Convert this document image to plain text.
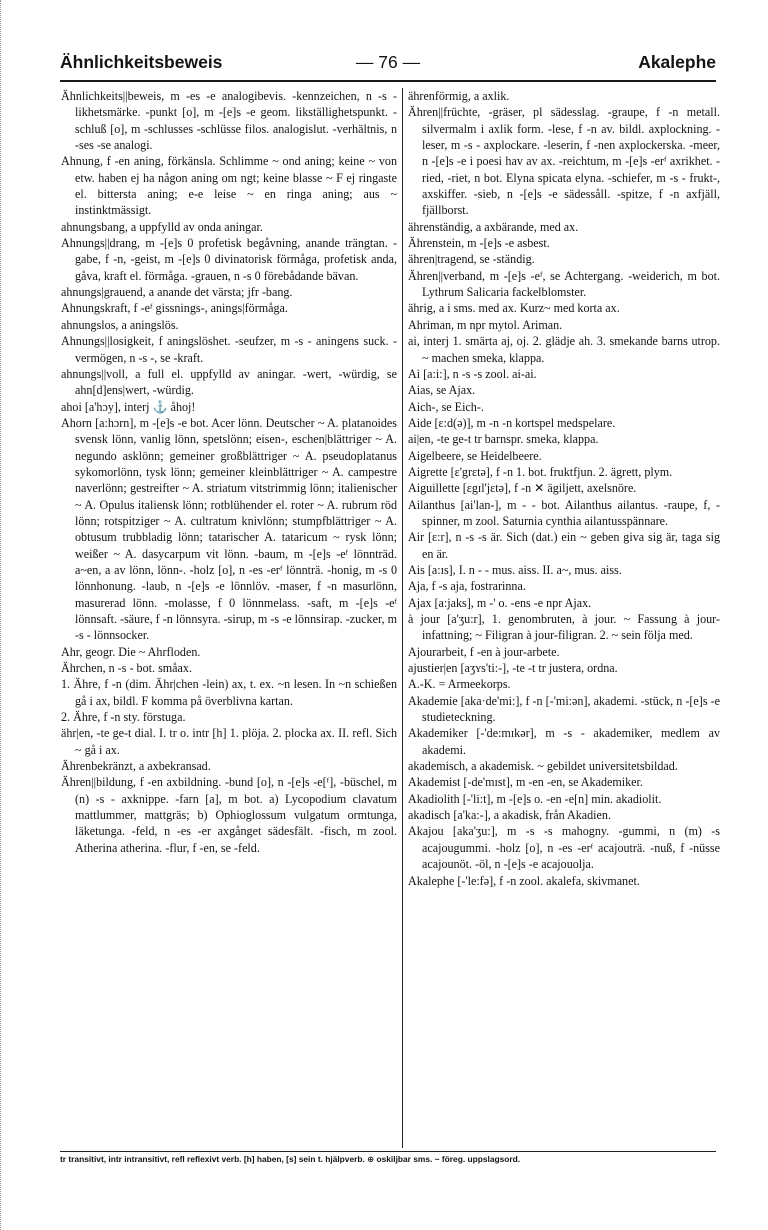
Ähnlichkeitsbeweis	— 76 —	Akalephe

Ähnlichkeits||beweis, m -es -e analogibevis. -kennzeichen, n -s - likhetsmärke. -punkt [o], m -[e]s -e geom. likställighetspunkt. -schluß [o], m -schlusses -schlüsse filos. analogislut. -verhältnis, n -ses -se analogi.

Ahnung, f -en aning, förkänsla. Schlimme ~ ond aning; keine ~ von etw. haben ej ha någon aning om ngt; keine blasse ~ F ej ringaste el. bittersta aning; e-e leise ~ en ringa aning; aus ~ instinktmässigt.

ahnungsbang, a uppfylld av onda aningar.

Ahnungs||drang, m -[e]s 0 profetisk begåvning, anande trängtan. -gabe, f -n, -geist, m -[e]s 0 divinatorisk förmåga, profetisk anda, gåva, kraft el. förmåga. -grauen, n -s 0 förebådande bävan.

ahnungs|grauend, a anande det värsta; jfr -bang.

Ahnungskraft, f -eᶠ gissnings-, anings|förmåga.

ahnungslos, a aningslös.

Ahnungs||losigkeit, f aningslöshet. -seufzer, m -s - aningens suck. -vermögen, n -s -, se -kraft.

ahnungs||voll, a full el. uppfylld av aningar. -wert, -würdig, se ahn[d]ens|wert, -würdig.

ahoi [a'hɔy], interj ⚓ åhoj!

Ahorn [a:hɔrn], m -[e]s -e bot. Acer lönn. Deutscher ~ A. platanoides svensk lönn, vanlig lönn, spetslönn; eisen-, eschen|blättriger ~ A. negundo asklönn; gemeiner großblättriger ~ A. pseudoplatanus sykomorlönn, tysk lönn; gemeiner kleinblättriger ~ A. campestre naverlönn; gestreifter ~ A. striatum vitstrimmig lönn; italienischer ~ A. Opulus italiensk lönn; rotblühender el. roter ~ A. rubrum röd lönn; rotspitziger ~ A. cultratum knivlönn; stumpfblättriger ~ A. obtusum trubbladig lönn; tatarischer A. tataricum ~ rysk lönn; weißer ~ A. dasycarpum vit lönn. -baum, m -[e]s -eᶠ lönnträd. a~en, a av lönn, lönn-. -holz [o], n -es -erᶠ lönnträ. -honig, m -s 0 lönnhonung. -laub, n -[e]s -e lönnlöv. -maser, f -n masurlönn, masurerad lönn. -molasse, f 0 lönnmelass. -saft, m -[e]s -eᶠ lönnsaft. -säure, f -n lönnsyra. -sirup, m -s -e lönnsirap. -zucker, m -s - lönnsocker.

Ahr, geogr. Die ~ Ahrfloden.

Ährchen, n -s - bot. småax.

1. Ähre, f -n (dim. Ähr|chen -lein) ax, t. ex. ~n lesen. In ~n schießen gå i ax, bildl. F komma på överblivna kartan.

2. Ähre, f -n sty. förstuga.

ähr|en, -te ge-t dial. I. tr o. intr [h] 1. plöja. 2. plocka ax. II. refl. Sich ~ gå i ax.

Ährenbekränzt, a axbekransad.

Ähren||bildung, f -en axbildning. -bund [o], n -[e]s -e[ᶠ], -büschel, m (n) -s - axknippe. -farn [a], m bot. a) Lycopodium clavatum mattlummer, mattgräs; b) Ophioglossum vulgatum ormtunga, läketunga. -feld, n -es -er axgånget sädesfält. -fisch, m zool. Atherina atherina. -flur, f -en, se -feld.

ährenförmig, a axlik.

Ähren||früchte, -gräser, pl sädesslag. -graupe, f -n metall. silvermalm i axlik form. -lese, f -n av. bildl. axplockning. -leser, m -s - axplockare. -leserin, f -nen axplockerska. -meer, n -[e]s -e i poesi hav av ax. -reichtum, m -[e]s -erᶠ axrikhet. -ried, -riet, n bot. Elyna spicata elyna. -schiefer, m -s - frukt-, axskiffer. -sieb, n -[e]s -e sädessåll. -spitze, f -n axfjäll, fjällborst.

ährenständig, a axbärande, med ax.

Ährenstein, m -[e]s -e asbest.

ähren|tragend, se -ständig.

Ähren||verband, m -[e]s -eᶠ, se Achtergang. -weiderich, m bot. Lythrum Salicaria fackelblomster.

ährig, a i sms. med ax. Kurz~ med korta ax.

Ahriman, m npr mytol. Ariman.

ai, interj 1. smärta aj, oj. 2. glädje ah. 3. smekande barns utrop. ~ machen smeka, klappa.

Ai [a:i:], n -s -s zool. ai-ai.

Aias, se Ajax.

Aich-, se Eich-.

Aide [ɛ:d(ə)], m -n -n kortspel medspelare.

ai|en, -te ge-t tr barnspr. smeka, klappa.

Aigelbeere, se Heidelbeere.

Aigrette [ɛ'grɛtə], f -n 1. bot. fruktfjun. 2. ägrett, plym.

Aiguillette [ɛgɪl'jɛtə], f -n ✕ ägiljett, axelsnöre.

Ailanthus [ai'lan-], m - - bot. Ailanthus ailantus. -raupe, f, -spinner, m zool. Saturnia cynthia ailantusspännare.

Air [ɛ:r], n -s -s är. Sich (dat.) ein ~ geben giva sig är, taga sig en är.

Ais [a:ɪs], I. n - - mus. aiss. II. a~, mus. aiss.

Aja, f -s aja, fostrarinna.

Ajax [a:jaks], m -' o. -ens -e npr Ajax.

à jour [a'ʒu:r], 1. genombruten, à jour. ~ Fassung à jour-infattning; ~ Filigran à jour-filigran. 2. ~ sein följa med.

Ajourarbeit, f -en à jour-arbete.

ajustier|en [aʒʏs'ti:-], -te -t tr justera, ordna.

A.-K. = Armeekorps.

Akademie [aka·de'mi:], f -n [-'mi:ən], akademi. -stück, n -[e]s -e studieteckning.

Akademiker [-'de:mɪkər], m -s - akademiker, medlem av akademi.

akademisch, a akademisk. ~ gebildet universitetsbildad.

Akademist [-de'mɪst], m -en -en, se Akademiker.

Akadiolith [-'li:t], m -[e]s o. -en -e[n] min. akadiolit.

akadisch [a'ka:-], a akadisk, från Akadien.

Akajou [aka'ʒu:], m -s -s mahogny. -gummi, n (m) -s acajougummi. -holz [o], n -es -erᶠ acajouträ. -nuß, f -nüsse acajounöt. -öl, n -[e]s -e acajouolja.

Akalephe [-'le:fə], f -n zool. akalefa, skivmanet.

tr transitivt, intr intransitivt, refl reflexivt verb. [h] haben, [s] sein t. hjälpverb. ⊕ oskiljbar sms. ~ föreg. uppslagsord.
